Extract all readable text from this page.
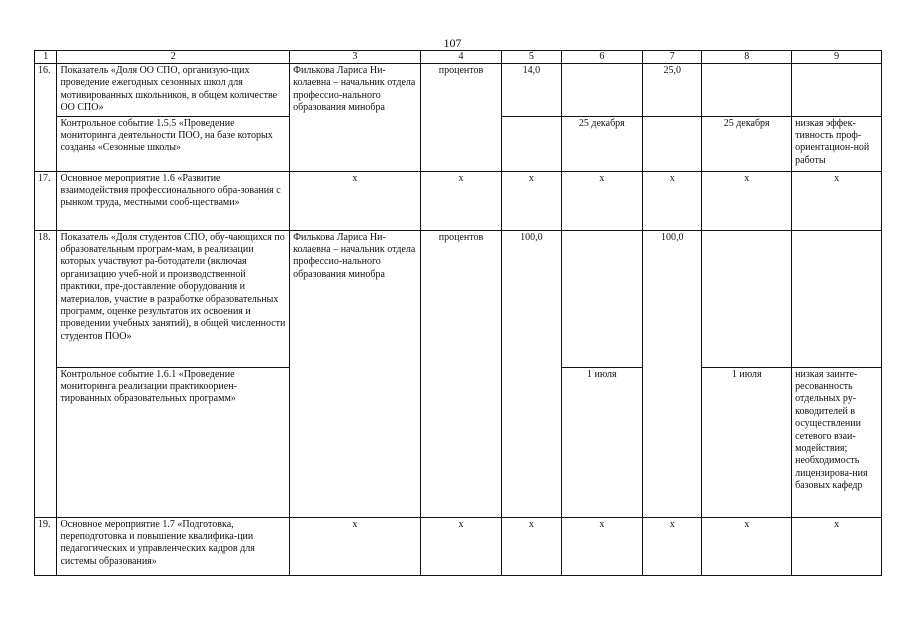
107
1	2	3	4	5	6	7	8	9
16.	Показатель «Доля ОО СПО, организую-щих проведение ежегодных сезонных школ для мотивированных школьников, в общем количестве ОО СПО»	Филькова Лариса Ни-колаевна – начальник отдела профессио-нального образования минобра	процентов	14,0		25,0		
	Контрольное событие 1.5.5 «Проведение мониторинга деятельности ПОО, на базе которых созданы «Сезонные школы»				25 декабря		25 декабря	низкая эффек-тивность проф-ориентацион-ной работы
17.	Основное мероприятие 1.6 «Развитие взаимодействия профессионального обра-зования с рынком труда, местными сооб-ществами»	x	x	x	x	x	x	x
18.	Показатель «Доля студентов СПО, обу-чающихся по образовательным програм-мам, в реализации которых участвуют ра-ботодатели (включая организацию учеб-ной и производственной практики, пре-доставление оборудования и материалов, участие в разработке образовательных программ, оценке результатов их освоения и проведении учебных занятий), в общей численности студентов ПОО»	Филькова Лариса Ни-колаевна – начальник отдела профессио-нального образования минобра	процентов	100,0		100,0		
	Контрольное событие 1.6.1 «Проведение мониторинга реализации практикоориен-тированных образовательных программ»				1 июля		1 июля	низкая заинте-ресованность отдельных ру-ководителей в осуществлении сетевого взаи-модействия; необходимость лицензирова-ния базовых кафедр
19.	Основное мероприятие 1.7 «Подготовка, переподготовка и повышение квалифика-ции педагогических и управленческих кадров для системы образования»	x	x	x	x	x	x	x
